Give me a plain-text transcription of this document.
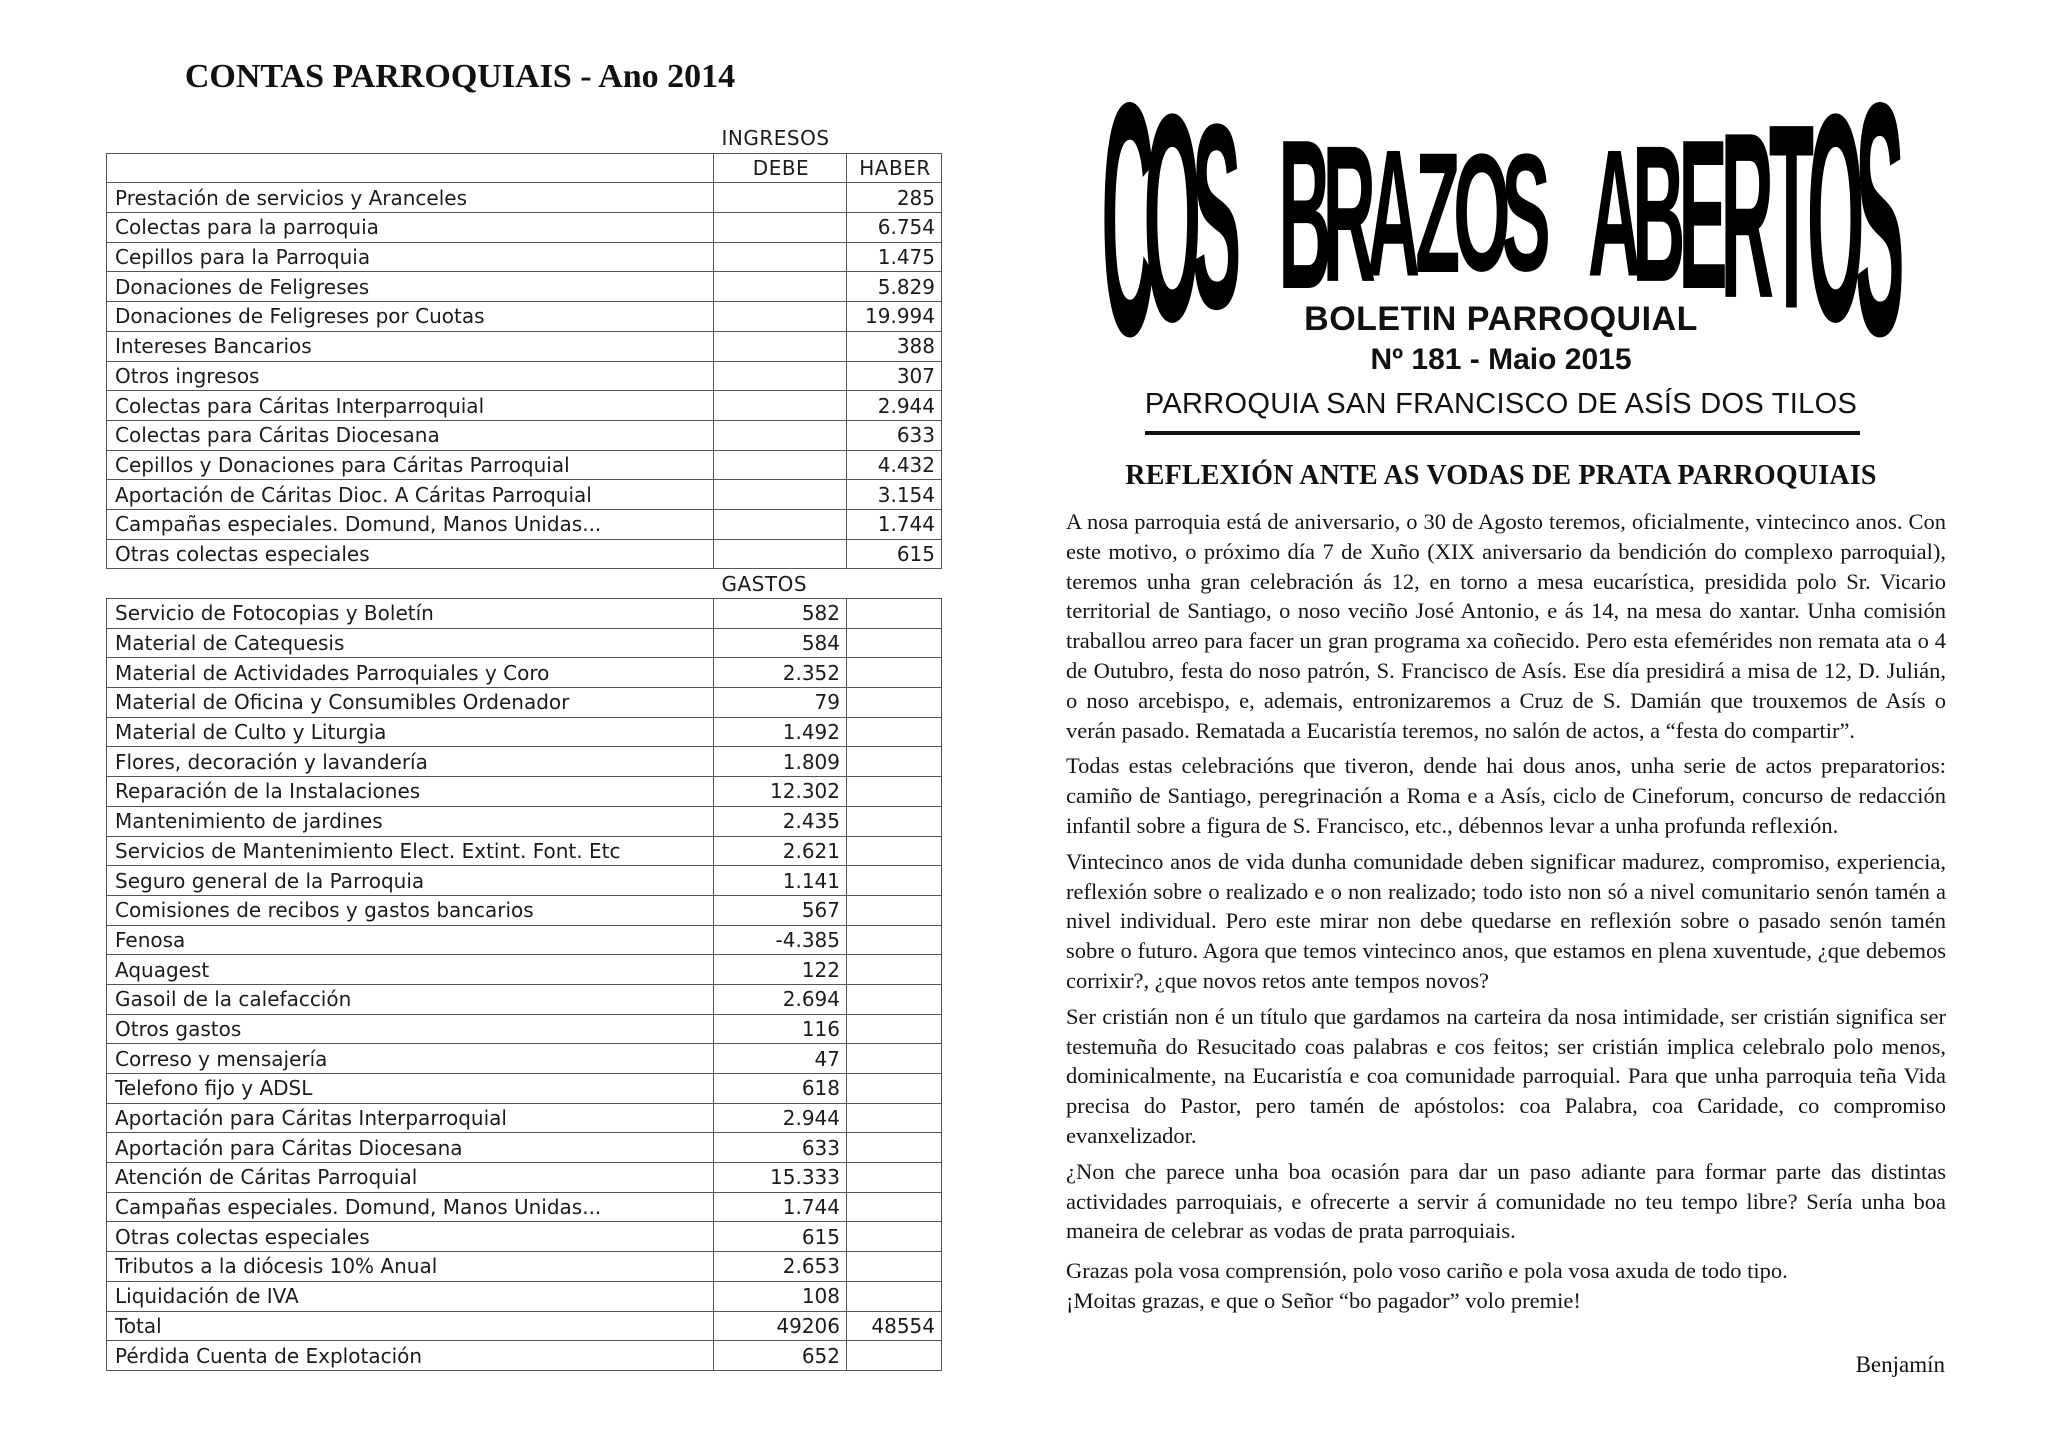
CONTAS PARROQUIAIS - Ano 2014
	INGRESOS	
	DEBE	HABER
Prestación de servicios y Aranceles		285
Colectas para la parroquia		6.754
Cepillos para la Parroquia		1.475
Donaciones de Feligreses		5.829
Donaciones de Feligreses por Cuotas		19.994
Intereses Bancarios		388
Otros ingresos		307
Colectas para Cáritas Interparroquial		2.944
Colectas para Cáritas Diocesana		633
Cepillos y Donaciones para Cáritas Parroquial		4.432
Aportación de Cáritas Dioc. A Cáritas Parroquial		3.154
Campañas especiales. Domund, Manos Unidas...		1.744
Otras colectas especiales		615
	GASTOS	
Servicio de Fotocopias y Boletín	582	
Material de Catequesis	584	
Material de Actividades Parroquiales y Coro	2.352	
Material de Oficina y Consumibles Ordenador	79	
Material de Culto y Liturgia	1.492	
Flores, decoración y lavandería	1.809	
Reparación de la Instalaciones	12.302	
Mantenimiento de jardines	2.435	
Servicios de Mantenimiento Elect. Extint. Font. Etc	2.621	
Seguro general de la Parroquia	1.141	
Comisiones de recibos y gastos bancarios	567	
Fenosa	-4.385	
Aquagest	122	
Gasoil de la calefacción	2.694	
Otros gastos	116	
Correso y mensajería	47	
Telefono fijo y ADSL	618	
Aportación para Cáritas Interparroquial	2.944	
Aportación para Cáritas Diocesana	633	
Atención de Cáritas Parroquial	15.333	
Campañas especiales. Domund, Manos Unidas...	1.744	
Otras colectas especiales	615	
Tributos a la diócesis 10% Anual	2.653	
Liquidación de IVA	108	
Total	49206	48554
Pérdida Cuenta de Explotación	652	
C
O
S B
R
A
Z
O
S A
B
E
R
T
O
S
BOLETIN PARROQUIAL
Nº 181 - Maio 2015
PARROQUIA SAN FRANCISCO DE ASÍS DOS TILOS
REFLEXIÓN ANTE AS VODAS DE PRATA PARROQUIAIS

A nosa parroquia está de aniversario, o 30 de Agosto teremos, oficialmente, vintecinco anos. Con este motivo, o próximo día 7 de Xuño (XIX aniversario da bendición do complexo parroquial), teremos unha gran celebración ás 12, en torno a mesa eucarística, presidida polo Sr. Vicario territorial de Santiago, o noso veciño José Antonio, e ás 14, na mesa do xantar. Unha comisión traballou arreo para facer un gran programa xa coñecido. Pero esta efemérides non remata ata o 4 de Outubro, festa do noso patrón, S. Francisco de Asís. Ese día presidirá a misa de 12, D. Julián, o noso arcebispo, e, ademais, entronizaremos a Cruz de S. Damián que trouxemos de Asís o verán pasado. Rematada a Eucaristía teremos, no salón de actos, a “festa do compartir”.

Todas estas celebracións que tiveron, dende hai dous anos, unha serie de actos preparatorios: camiño de Santiago, peregrinación a Roma e a Asís, ciclo de Cineforum, concurso de redacción infantil sobre a figura de S. Francisco, etc., débennos levar a unha profunda reflexión.

Vintecinco anos de vida dunha comunidade deben significar madurez, compromiso, experiencia, reflexión sobre o realizado e o non realizado; todo isto non só a nivel comunitario senón tamén a nivel individual. Pero este mirar non debe quedarse en reflexión sobre o pasado senón tamén sobre o futuro. Agora que temos vintecinco anos, que estamos en plena xuventude, ¿que debemos corrixir?, ¿que novos retos ante tempos novos?

Ser cristián non é un título que gardamos na carteira da nosa intimidade, ser cristián significa ser testemuña do Resucitado coas palabras e cos feitos; ser cristián implica celebralo polo menos, dominicalmente, na Eucaristía e coa comunidade parroquial. Para que unha parroquia teña Vida precisa do Pastor, pero tamén de apóstolos: coa Palabra, coa Caridade, co compromiso evanxelizador.

¿Non che parece unha boa ocasión para dar un paso adiante para formar parte das distintas actividades parroquiais, e ofrecerte a servir á comunidade no teu tempo libre? Sería unha boa maneira de celebrar as vodas de prata parroquiais.

Grazas pola vosa comprensión, polo voso cariño e pola vosa axuda de todo tipo.

¡Moitas grazas, e que o Señor “bo pagador” volo premie!

Benjamín
